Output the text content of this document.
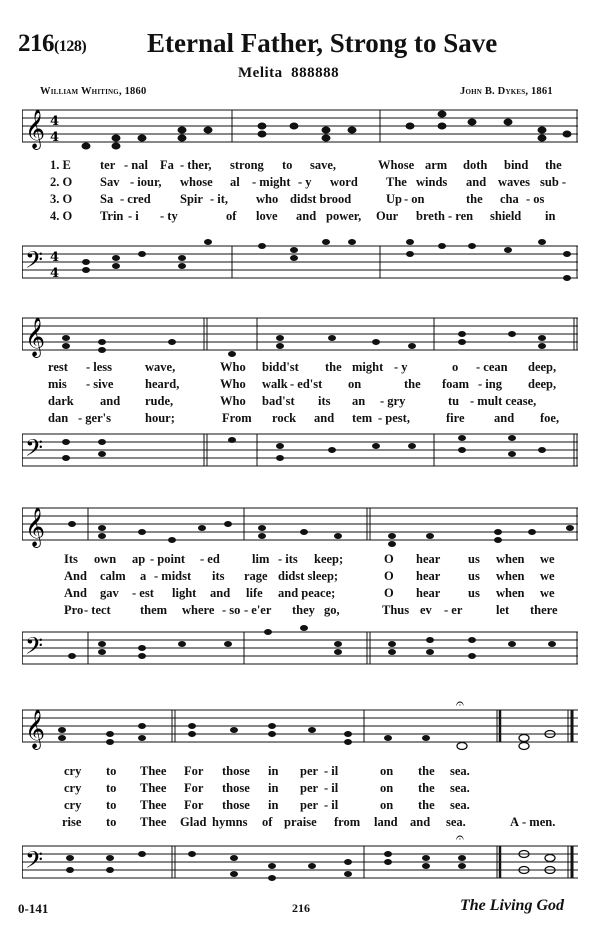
216(128) Eternal Father, Strong to Save
Melita 888888
William Whiting, 1860	John B. Dykes, 1861
𝄞 4
4
1. E ter - nal Fa - ther, strong to save,	Whose arm doth bind the
2. O Sav - iour, whose al - might - y word The winds and waves sub -
3. O Sa - cred Spir - it, who didst brood	Up - on	the cha - os
4. O Trin - i - ty	of love and power, Our breth - ren shield in
𝄢 4
4
𝄞
rest - less	wave,	Who bidd'st the might - y	o - cean deep,
mis - sive	heard,	Who walk - ed'st on	the foam - ing deep,
dark and rude,	Who bad'st its an - gry	tu - mult cease,
dan - ger's	hour;	From rock and tem - pest,	fire and foe,
𝄢
𝄞
Its own ap - point - ed	lim - its keep;	O hear us when we
And calm a - midst its rage didst sleep;	O hear us when we
And gav - est light and life and peace;	O hear us when we
Pro - tect them where - so - e'er they go,	Thus ev - er	let there
𝄢
𝄞
𝄐
cry to Thee For those in per - il	on the sea.
cry to Thee For those in per - il	on the sea.
cry to Thee For those in per - il	on the sea.
rise to Thee Glad hymns of praise from land and sea.	A - men.
𝄢
𝄐
0-141	216	The Living God
